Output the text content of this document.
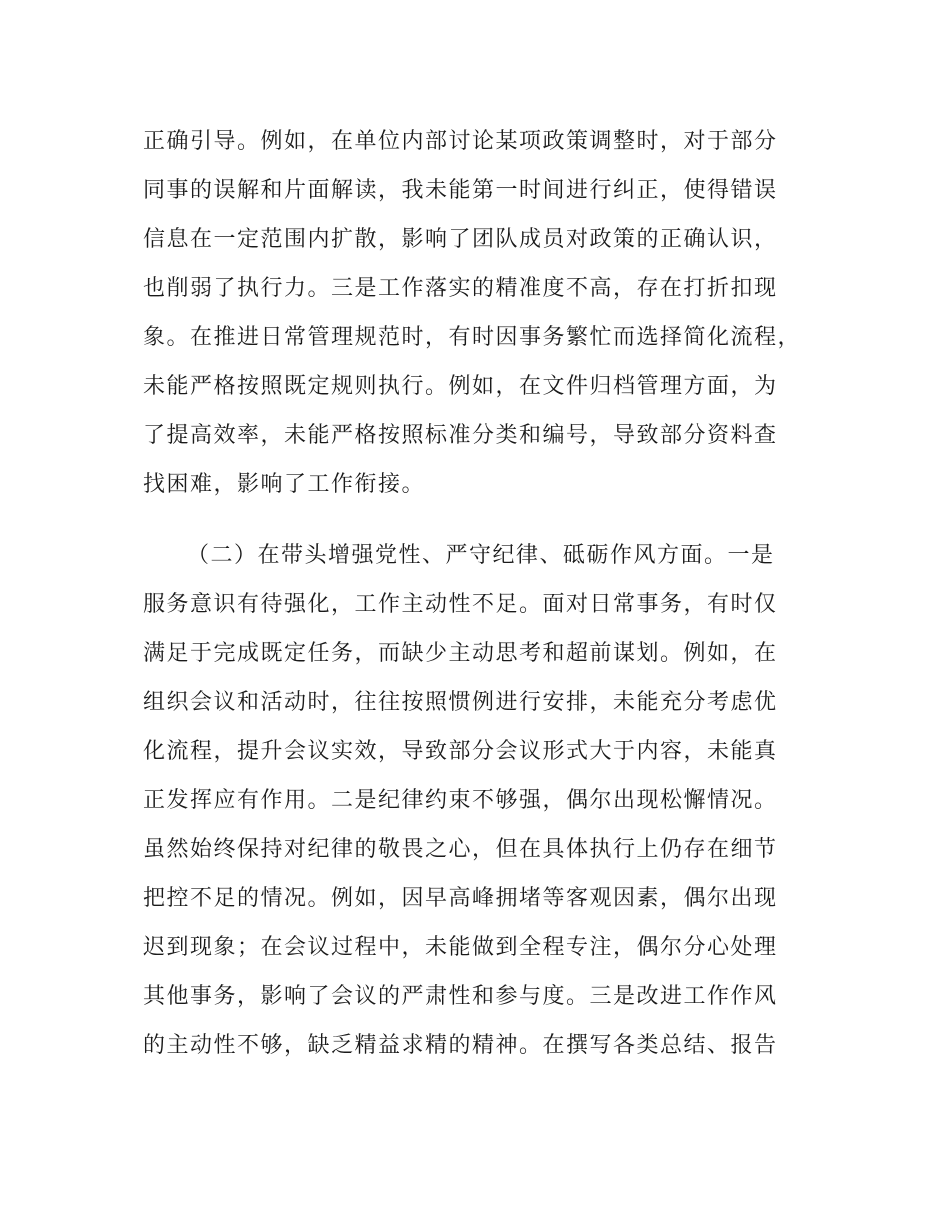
正确引导。例如，在单位内部讨论某项政策调整时，对于部分
同事的误解和片面解读，我未能第一时间进行纠正，使得错误
信息在一定范围内扩散，影响了团队成员对政策的正确认识，
也削弱了执行力。三是工作落实的精准度不高，存在打折扣现
象。在推进日常管理规范时，有时因事务繁忙而选择简化流程，
未能严格按照既定规则执行。例如，在文件归档管理方面，为
了提高效率，未能严格按照标准分类和编号，导致部分资料查
找困难，影响了工作衔接。
（二）在带头增强党性、严守纪律、砥砺作风方面。一是
服务意识有待强化，工作主动性不足。面对日常事务，有时仅
满足于完成既定任务，而缺少主动思考和超前谋划。例如，在
组织会议和活动时，往往按照惯例进行安排，未能充分考虑优
化流程，提升会议实效，导致部分会议形式大于内容，未能真
正发挥应有作用。二是纪律约束不够强，偶尔出现松懈情况。
虽然始终保持对纪律的敬畏之心，但在具体执行上仍存在细节
把控不足的情况。例如，因早高峰拥堵等客观因素，偶尔出现
迟到现象；在会议过程中，未能做到全程专注，偶尔分心处理
其他事务，影响了会议的严肃性和参与度。三是改进工作作风
的主动性不够，缺乏精益求精的精神。在撰写各类总结、报告
